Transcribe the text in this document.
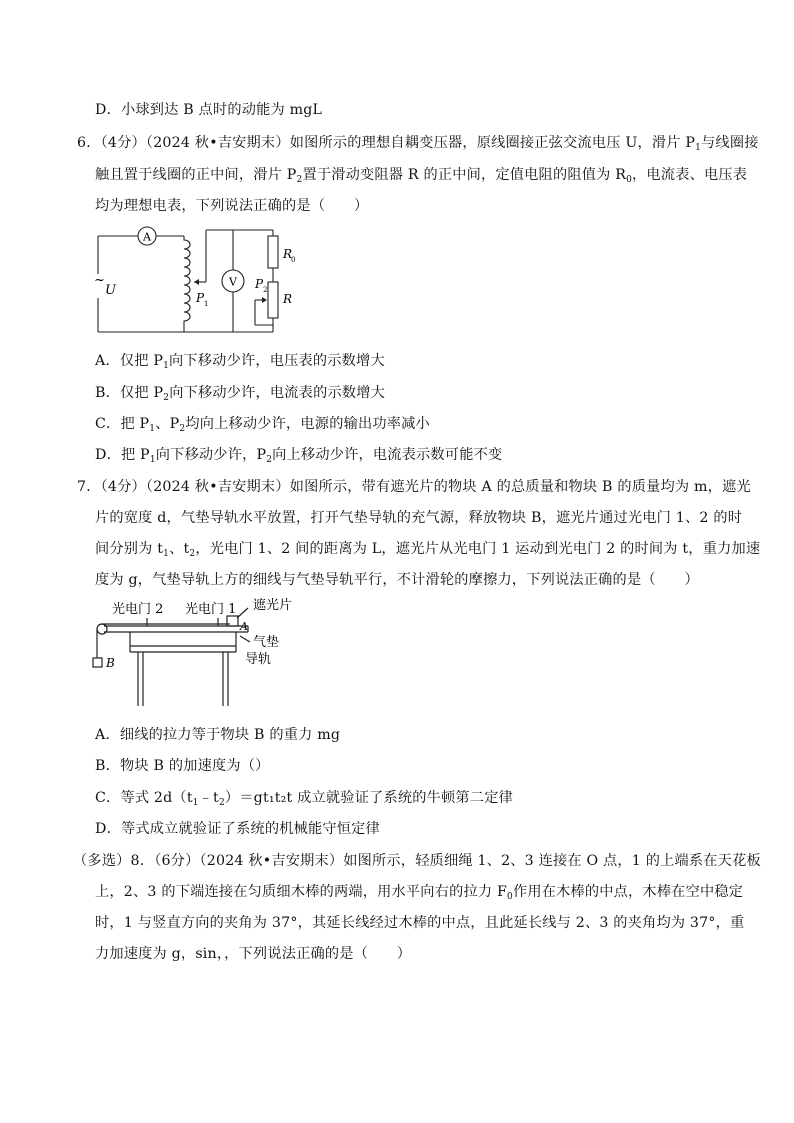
D．小球到达 B 点时的动能为 mgL
6．（4分）（2024 秋•吉安期末）如图所示的理想自耦变压器，原线圈接正弦交流电压 U，滑片 $P_1$与线圈接
触且置于线圈的正中间，滑片 $P_2$置于滑动变阻器 R 的正中间，定值电阻的阻值为 $R_0$，电流表、电压表
均为理想电表，下列说法正确的是（　　）
A
V
~
U	P 1
P 2
R
0
R
A．仅把 $P_1$向下移动少许，电压表的示数增大
B．仅把 $P_2$向下移动少许，电流表的示数增大
C．把 $P_1$、$P_2$均向上移动少许，电源的输出功率减小
D．把 $P_1$向下移动少许，$P_2$向上移动少许，电流表示数可能不变
7．（4分）（2024 秋•吉安期末）如图所示，带有遮光片的物块 A 的总质量和物块 B 的质量均为 m，遮光
片的宽度 d，气垫导轨水平放置，打开气垫导轨的充气源，释放物块 B，遮光片通过光电门 1、2 的时
间分别为 $t_1$、$t_2$，光电门 1、2 间的距离为 L，遮光片从光电门 1 运动到光电门 2 的时间为 t，重力加速
度为 g，气垫导轨上方的细线与气垫导轨平行，不计滑轮的摩擦力，下列说法正确的是（　　）
光电门 2 光电门 1 遮光片
A
气垫
导轨
B
A．细线的拉力等于物块 B 的重力 mg
B．物块 B 的加速度为（）
C．等式 $2d(t_1﹣t_2)=gt_1t_2t$ 成立就验证了系统的牛顿第二定律
D．等式成立就验证了系统的机械能守恒定律
（多选）8．（6分）（2024 秋•吉安期末）如图所示，轻质细绳 1、2、3 连接在 O 点，1 的上端系在天花板
上，2、3 的下端连接在匀质细木棒的两端，用水平向右的拉力 $F_0$作用在木棒的中点，木棒在空中稳定
时，1 与竖直方向的夹角为 37°，其延长线经过木棒的中点，且此延长线与 2、3 的夹角均为 37°，重
力加速度为 g，sin，，下列说法正确的是（　　）
